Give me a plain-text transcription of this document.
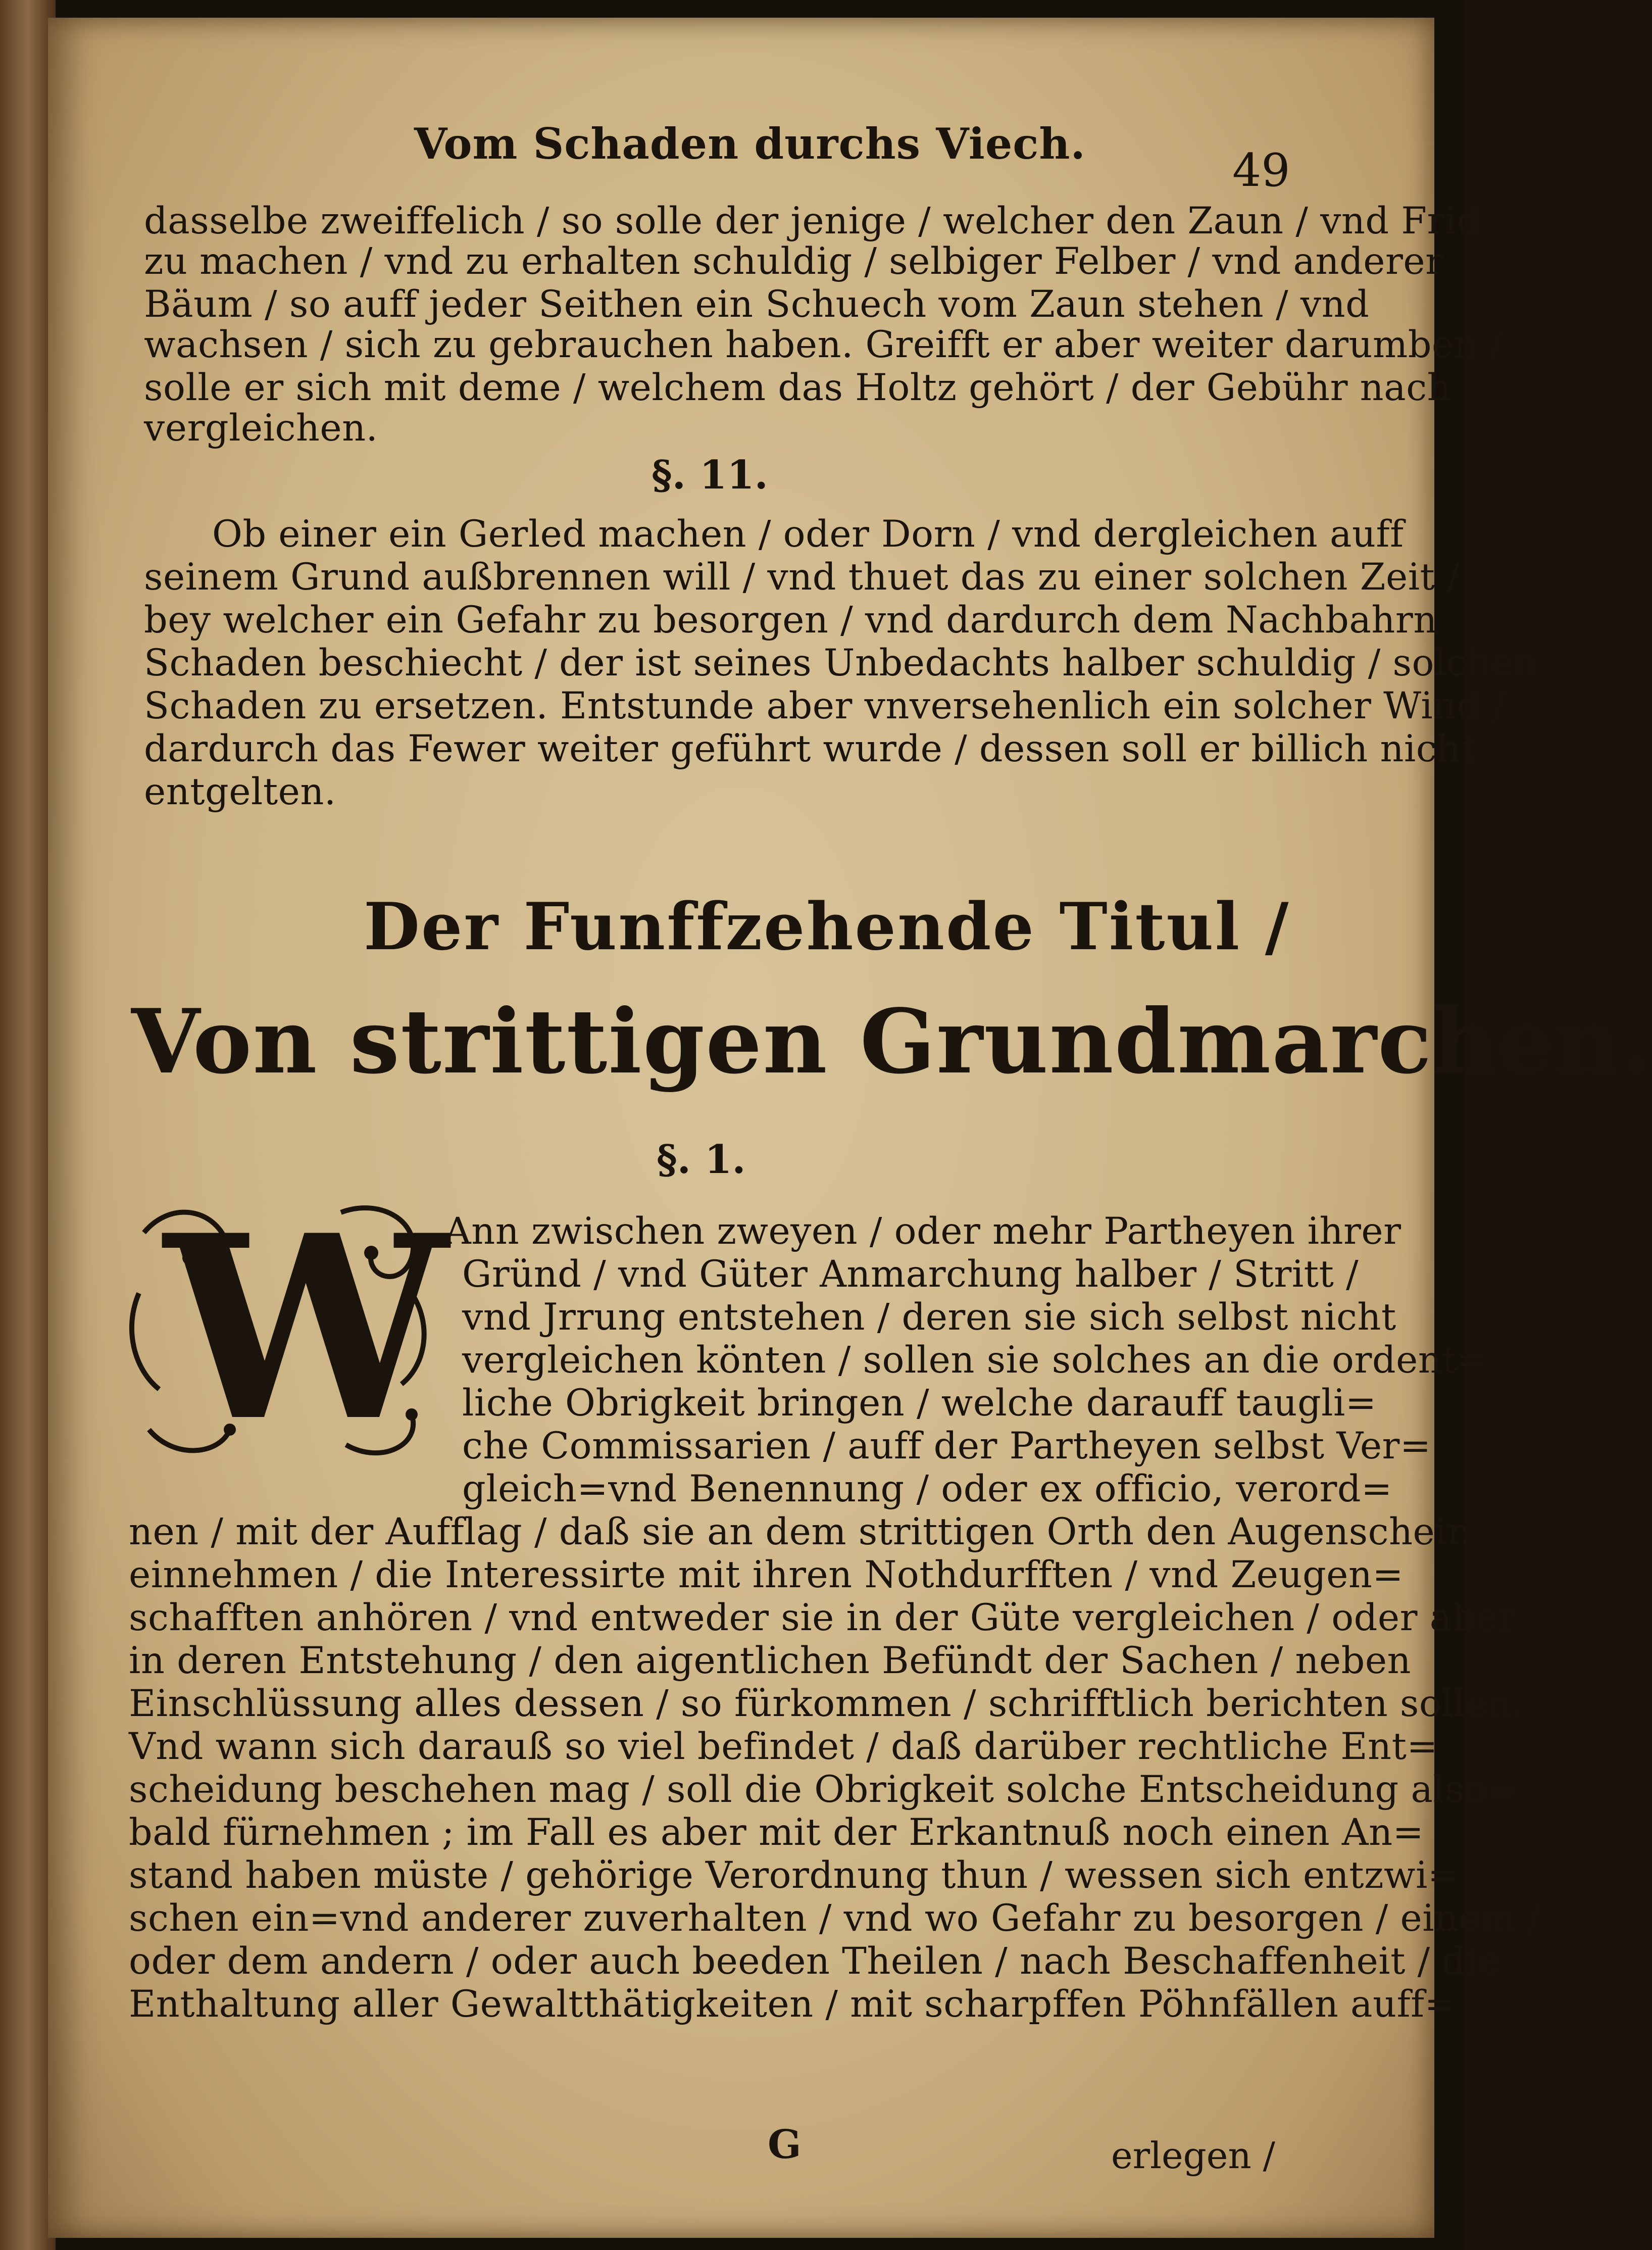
Vom Schaden durchs Viech.
49
dasselbe zweiffelich / so solle der jenige / welcher den Zaun / vnd Frid
zu machen / vnd zu erhalten schuldig / selbiger Felber / vnd anderer
Bäum / so auff jeder Seithen ein Schuech vom Zaun stehen / vnd
wachsen / sich zu gebrauchen haben. Greifft er aber weiter darumben /
solle er sich mit deme / welchem das Holtz gehört / der Gebühr nach
vergleichen.
§. 11.
Ob einer ein Gerled machen / oder Dorn / vnd dergleichen auff
seinem Grund außbrennen will / vnd thuet das zu einer solchen Zeit /
bey welcher ein Gefahr zu besorgen / vnd dardurch dem Nachbahrn
Schaden beschiecht / der ist seines Unbedachts halber schuldig / solchen
Schaden zu ersetzen. Entstunde aber vnversehenlich ein solcher Wind /
dardurch das Fewer weiter geführt wurde / dessen soll er billich nicht
entgelten.
Der Funffzehende Titul /
Von strittigen Grundmarchen.
§. 1.
W
Ann zwischen zweyen / oder mehr Partheyen ihrer
Gründ / vnd Güter Anmarchung halber / Stritt /
vnd Jrrung entstehen / deren sie sich selbst nicht
vergleichen könten / sollen sie solches an die ordent=
liche Obrigkeit bringen / welche darauff taugli=
che Commissarien / auff der Partheyen selbst Ver=
gleich=vnd Benennung / oder ex officio, verord=
nen / mit der Aufflag / daß sie an dem strittigen Orth den Augenschein
einnehmen / die Interessirte mit ihren Nothdurfften / vnd Zeugen=
schafften anhören / vnd entweder sie in der Güte vergleichen / oder aber
in deren Entstehung / den aigentlichen Befündt der Sachen / neben
Einschlüssung alles dessen / so fürkommen / schrifftlich berichten sollen.
Vnd wann sich darauß so viel befindet / daß darüber rechtliche Ent=
scheidung beschehen mag / soll die Obrigkeit solche Entscheidung also=
bald fürnehmen ; im Fall es aber mit der Erkantnuß noch einen An=
stand haben müste / gehörige Verordnung thun / wessen sich entzwi=
schen ein=vnd anderer zuverhalten / vnd wo Gefahr zu besorgen / einem /
oder dem andern / oder auch beeden Theilen / nach Beschaffenheit / die
Enthaltung aller Gewaltthätigkeiten / mit scharpffen Pöhnfällen auff=
G	erlegen /
